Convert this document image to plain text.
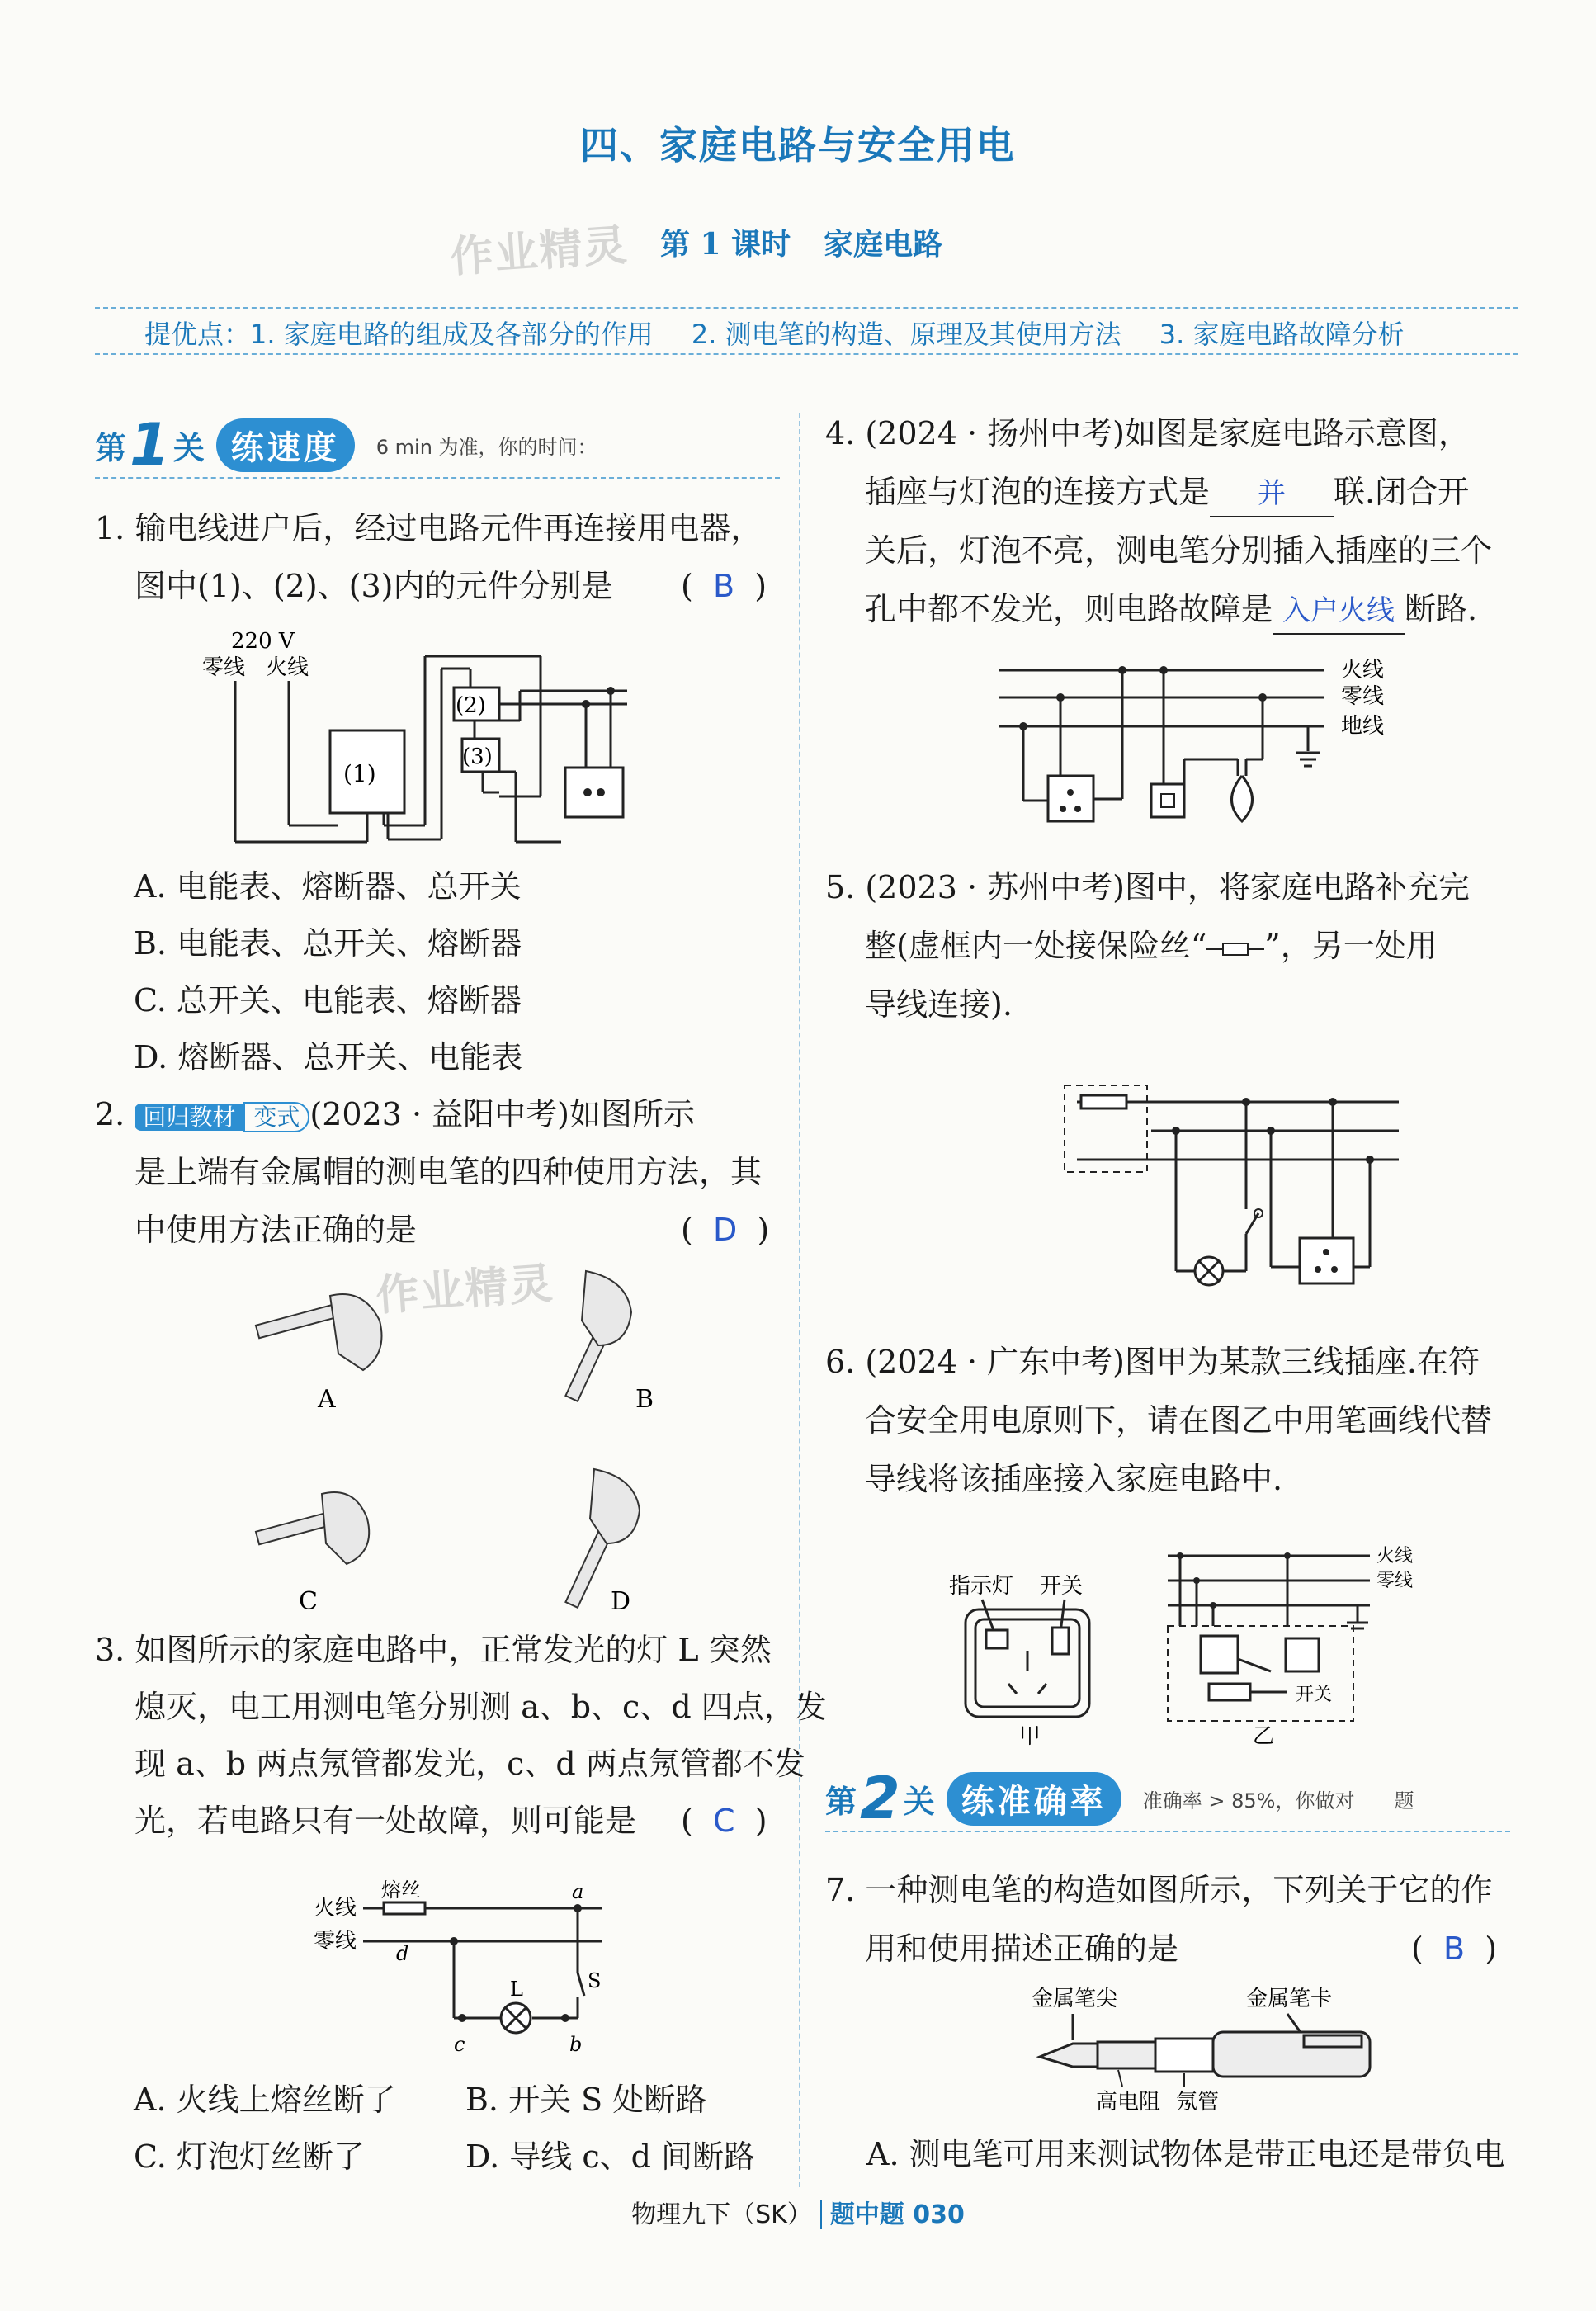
四、家庭电路与安全用电
作业精灵 第 1 课时 家庭电路
提优点：1. 家庭电路的组成及各部分的作用 2. 测电笔的构造、原理及其使用方法 3. 家庭电路故障分析
第 1 关 练速度	6 min 为准，你的时间：

1. 输电线进户后，经过电路元件再连接用电器，

图中(1)、(2)、(3)内的元件分别是 (  B  )

220 V
零线 火线
(1)
(2)
(3)

A. 电能表、熔断器、总开关

B. 电能表、总开关、熔断器

C. 总开关、电能表、熔断器

D. 熔断器、总开关、电能表

2. 回归教材 变式 (2023 · 益阳中考)如图所示

是上端有金属帽的测电笔的四种使用方法，其

中使用方法正确的是	(  D  )

作业精灵
A	B
C	D

3. 如图所示的家庭电路中，正常发光的灯 L 突然

熄灭，电工用测电笔分别测 a、b、c、d 四点，发

现 a、b 两点氖管都发光，c、d 两点氖管都不发

光，若电路只有一处故障，则可能是 (  C  )

火线
零线
熔丝	a
b
c
d
L	S

A. 火线上熔丝断了 B. 开关 S 处断路

C. 灯泡灯丝断了	D. 导线 c、d 间断路

4. (2024 · 扬州中考)如图是家庭电路示意图，

插座与灯泡的连接方式是 并 联.闭合开

关后，灯泡不亮，测电笔分别插入插座的三个

孔中都不发光，则电路故障是 入户火线 断路.

火线
零线
地线

5. (2023 · 苏州中考)图中，将家庭电路补充完

整(虚框内一处接保险丝“ ”，另一处用

导线连接).

6. (2024 · 广东中考)图甲为某款三线插座.在符

合安全用电原则下，请在图乙中用笔画线代替

导线将该插座接入家庭电路中.

指示灯 开关
甲
火线
零线
开关
乙
第 2 关 练准确率	准确率 > 85%，你做对　　题

7. 一种测电笔的构造如图所示，下列关于它的作

用和使用描述正确的是	(  B  )

金属笔尖	金属笔卡
高电阻 氖管

A. 测电笔可用来测试物体是带正电还是带负电

物理九下（SK） 题中题 030
